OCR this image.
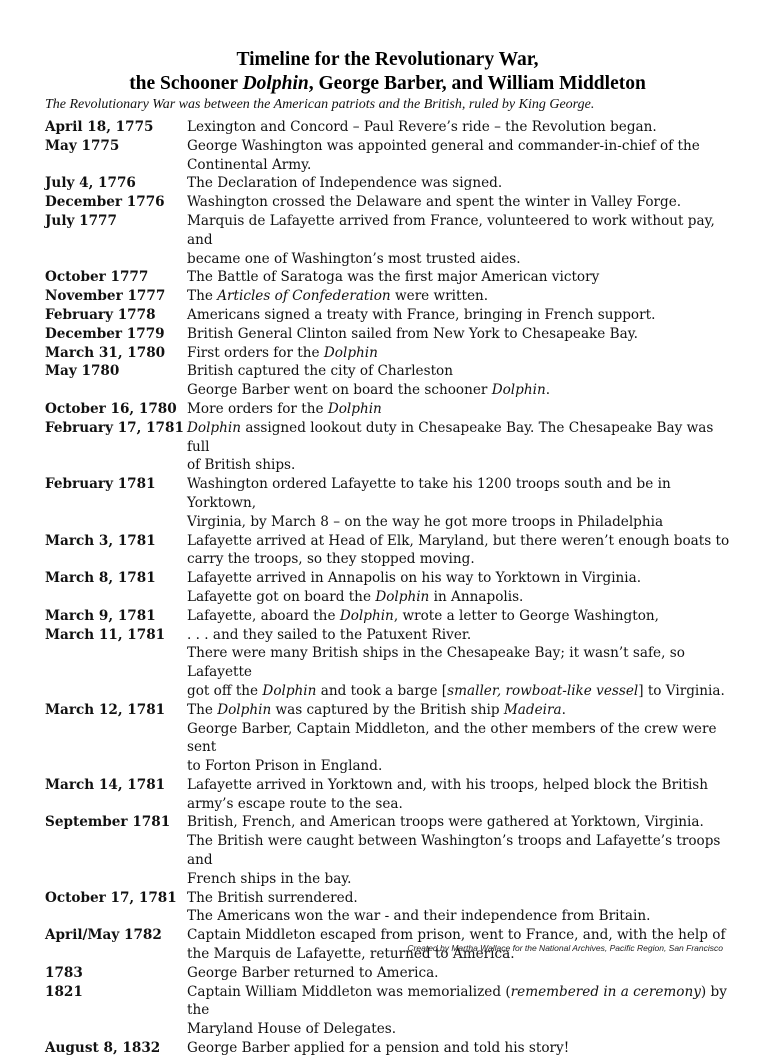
Timeline for the Revolutionary War,
the Schooner Dolphin, George Barber, and William Middleton
The Revolutionary War was between the American patriots and the British, ruled by King George.
April 18, 1775	Lexington and Concord – Paul Revere’s ride – the Revolution began.
May 1775	George Washington was appointed general and commander-in-chief of the
Continental Army.
July 4, 1776	The Declaration of Independence was signed.
December 1776	Washington crossed the Delaware and spent the winter in Valley Forge.
July 1777	Marquis de Lafayette arrived from France, volunteered to work without pay, and
became one of Washington’s most trusted aides.
October 1777	The Battle of Saratoga was the first major American victory
November 1777	The Articles of Confederation were written.
February 1778	Americans signed a treaty with France, bringing in French support.
December 1779	British General Clinton sailed from New York to Chesapeake Bay.
March 31, 1780	First orders for the Dolphin
May 1780	British captured the city of Charleston
George Barber went on board the schooner Dolphin.
October 16, 1780 More orders for the Dolphin
February 17, 1781 Dolphin assigned lookout duty in Chesapeake Bay. The Chesapeake Bay was full
of British ships.
February 1781	Washington ordered Lafayette to take his 1200 troops south and be in Yorktown,
Virginia, by March 8 – on the way he got more troops in Philadelphia
March 3, 1781	Lafayette arrived at Head of Elk, Maryland, but there weren’t enough boats to
carry the troops, so they stopped moving.
March 8, 1781	Lafayette arrived in Annapolis on his way to Yorktown in Virginia.
Lafayette got on board the Dolphin in Annapolis.
March 9, 1781	Lafayette, aboard the Dolphin, wrote a letter to George Washington,
March 11, 1781	. . . and they sailed to the Patuxent River.
There were many British ships in the Chesapeake Bay; it wasn’t safe, so Lafayette
got off the Dolphin and took a barge [smaller, rowboat-like vessel] to Virginia.
March 12, 1781	The Dolphin was captured by the British ship Madeira.
George Barber, Captain Middleton, and the other members of the crew were sent
to Forton Prison in England.
March 14, 1781	Lafayette arrived in Yorktown and, with his troops, helped block the British
army’s escape route to the sea.
September 1781	British, French, and American troops were gathered at Yorktown, Virginia.
The British were caught between Washington’s troops and Lafayette’s troops and
French ships in the bay.
October 17, 1781 The British surrendered.
The Americans won the war - and their independence from Britain.
April/May 1782	Captain Middleton escaped from prison, went to France, and, with the help of
the Marquis de Lafayette, returned to America.
1783	George Barber returned to America.
1821	Captain William Middleton was memorialized (remembered in a ceremony) by the
Maryland House of Delegates.
August 8, 1832	George Barber applied for a pension and told his story!
Created by Martha Wallace for the National Archives, Pacific Region, San Francisco
